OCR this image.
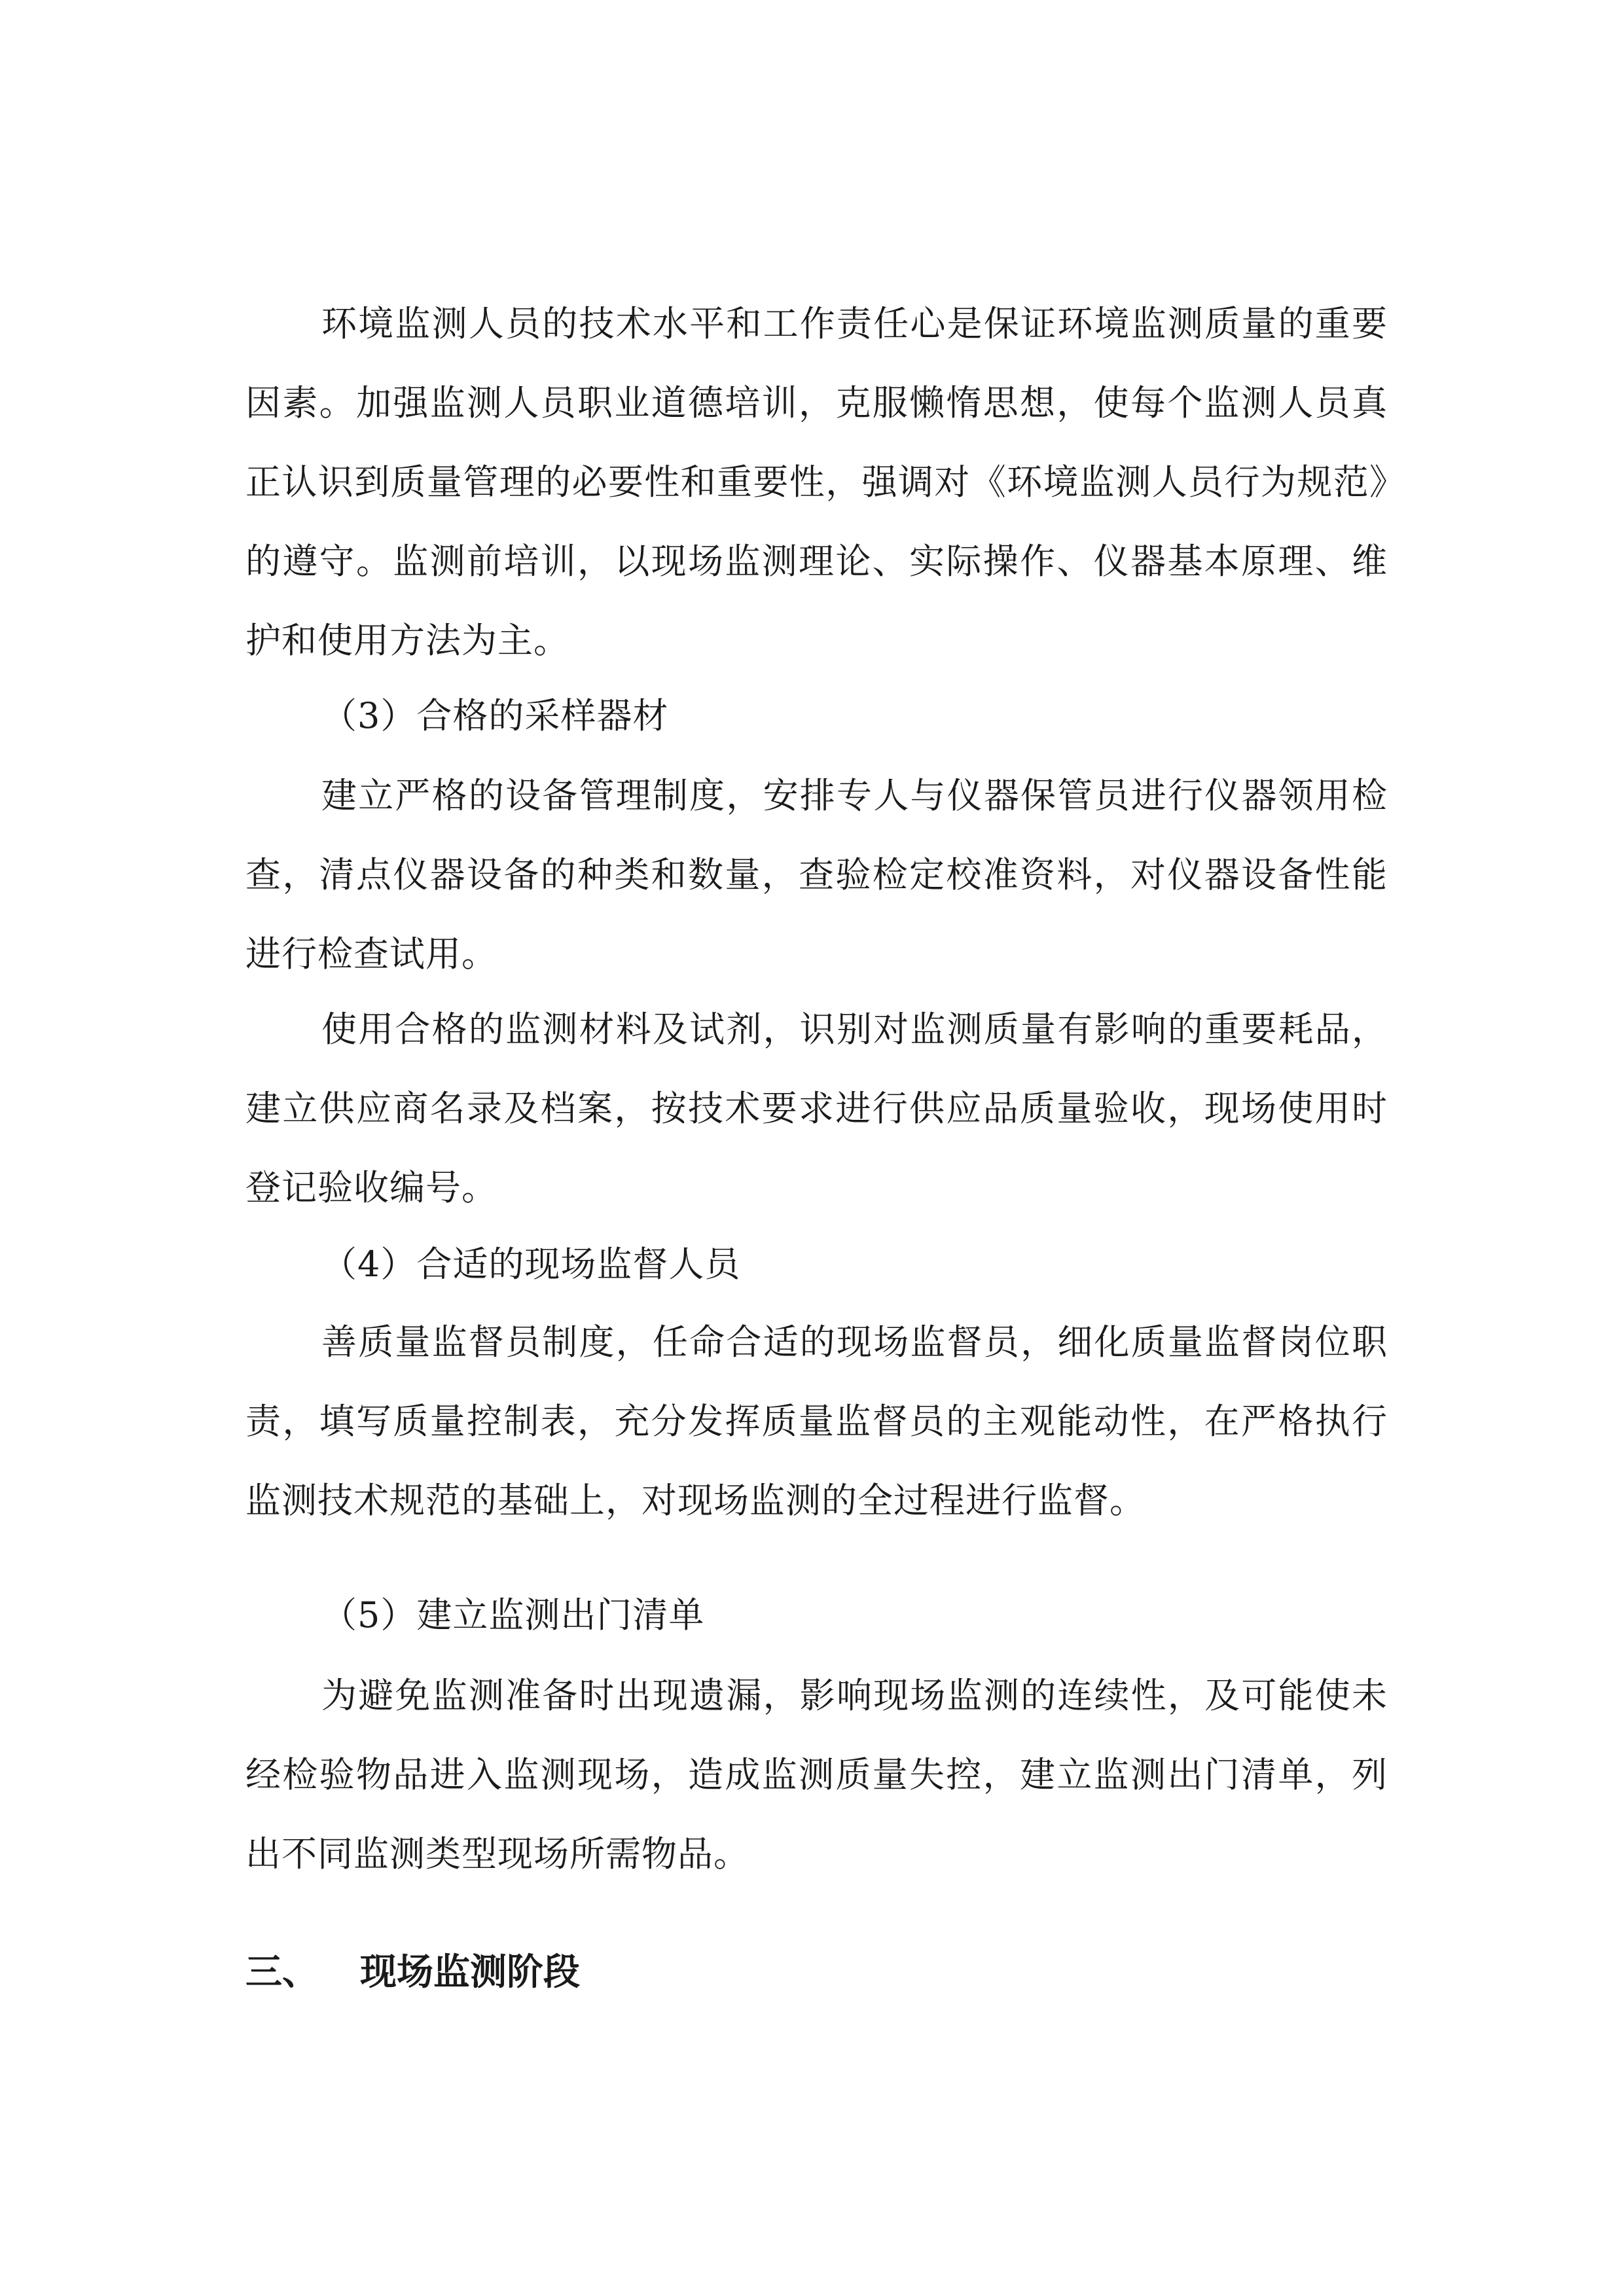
环境监测人员的技术水平和工作责任心是保证环境监测质量的重要因素。加强监测人员职业道德培训，克服懒惰思想，使每个监测人员真正认识到质量管理的必要性和重要性，强调对《环境监测人员行为规范》的遵守。监测前培训，以现场监测理论、实际操作、仪器基本原理、维护和使用方法为主。

（3）合格的采样器材

建立严格的设备管理制度，安排专人与仪器保管员进行仪器领用检查，清点仪器设备的种类和数量，查验检定校准资料，对仪器设备性能进行检查试用。

使用合格的监测材料及试剂，识别对监测质量有影响的重要耗品，建立供应商名录及档案，按技术要求进行供应品质量验收，现场使用时登记验收编号。

（4）合适的现场监督人员

善质量监督员制度，任命合适的现场监督员，细化质量监督岗位职责，填写质量控制表，充分发挥质量监督员的主观能动性，在严格执行监测技术规范的基础上，对现场监测的全过程进行监督。

（5）建立监测出门清单

为避免监测准备时出现遗漏，影响现场监测的连续性，及可能使未经检验物品进入监测现场，造成监测质量失控，建立监测出门清单，列出不同监测类型现场所需物品。

三、 现场监测阶段
